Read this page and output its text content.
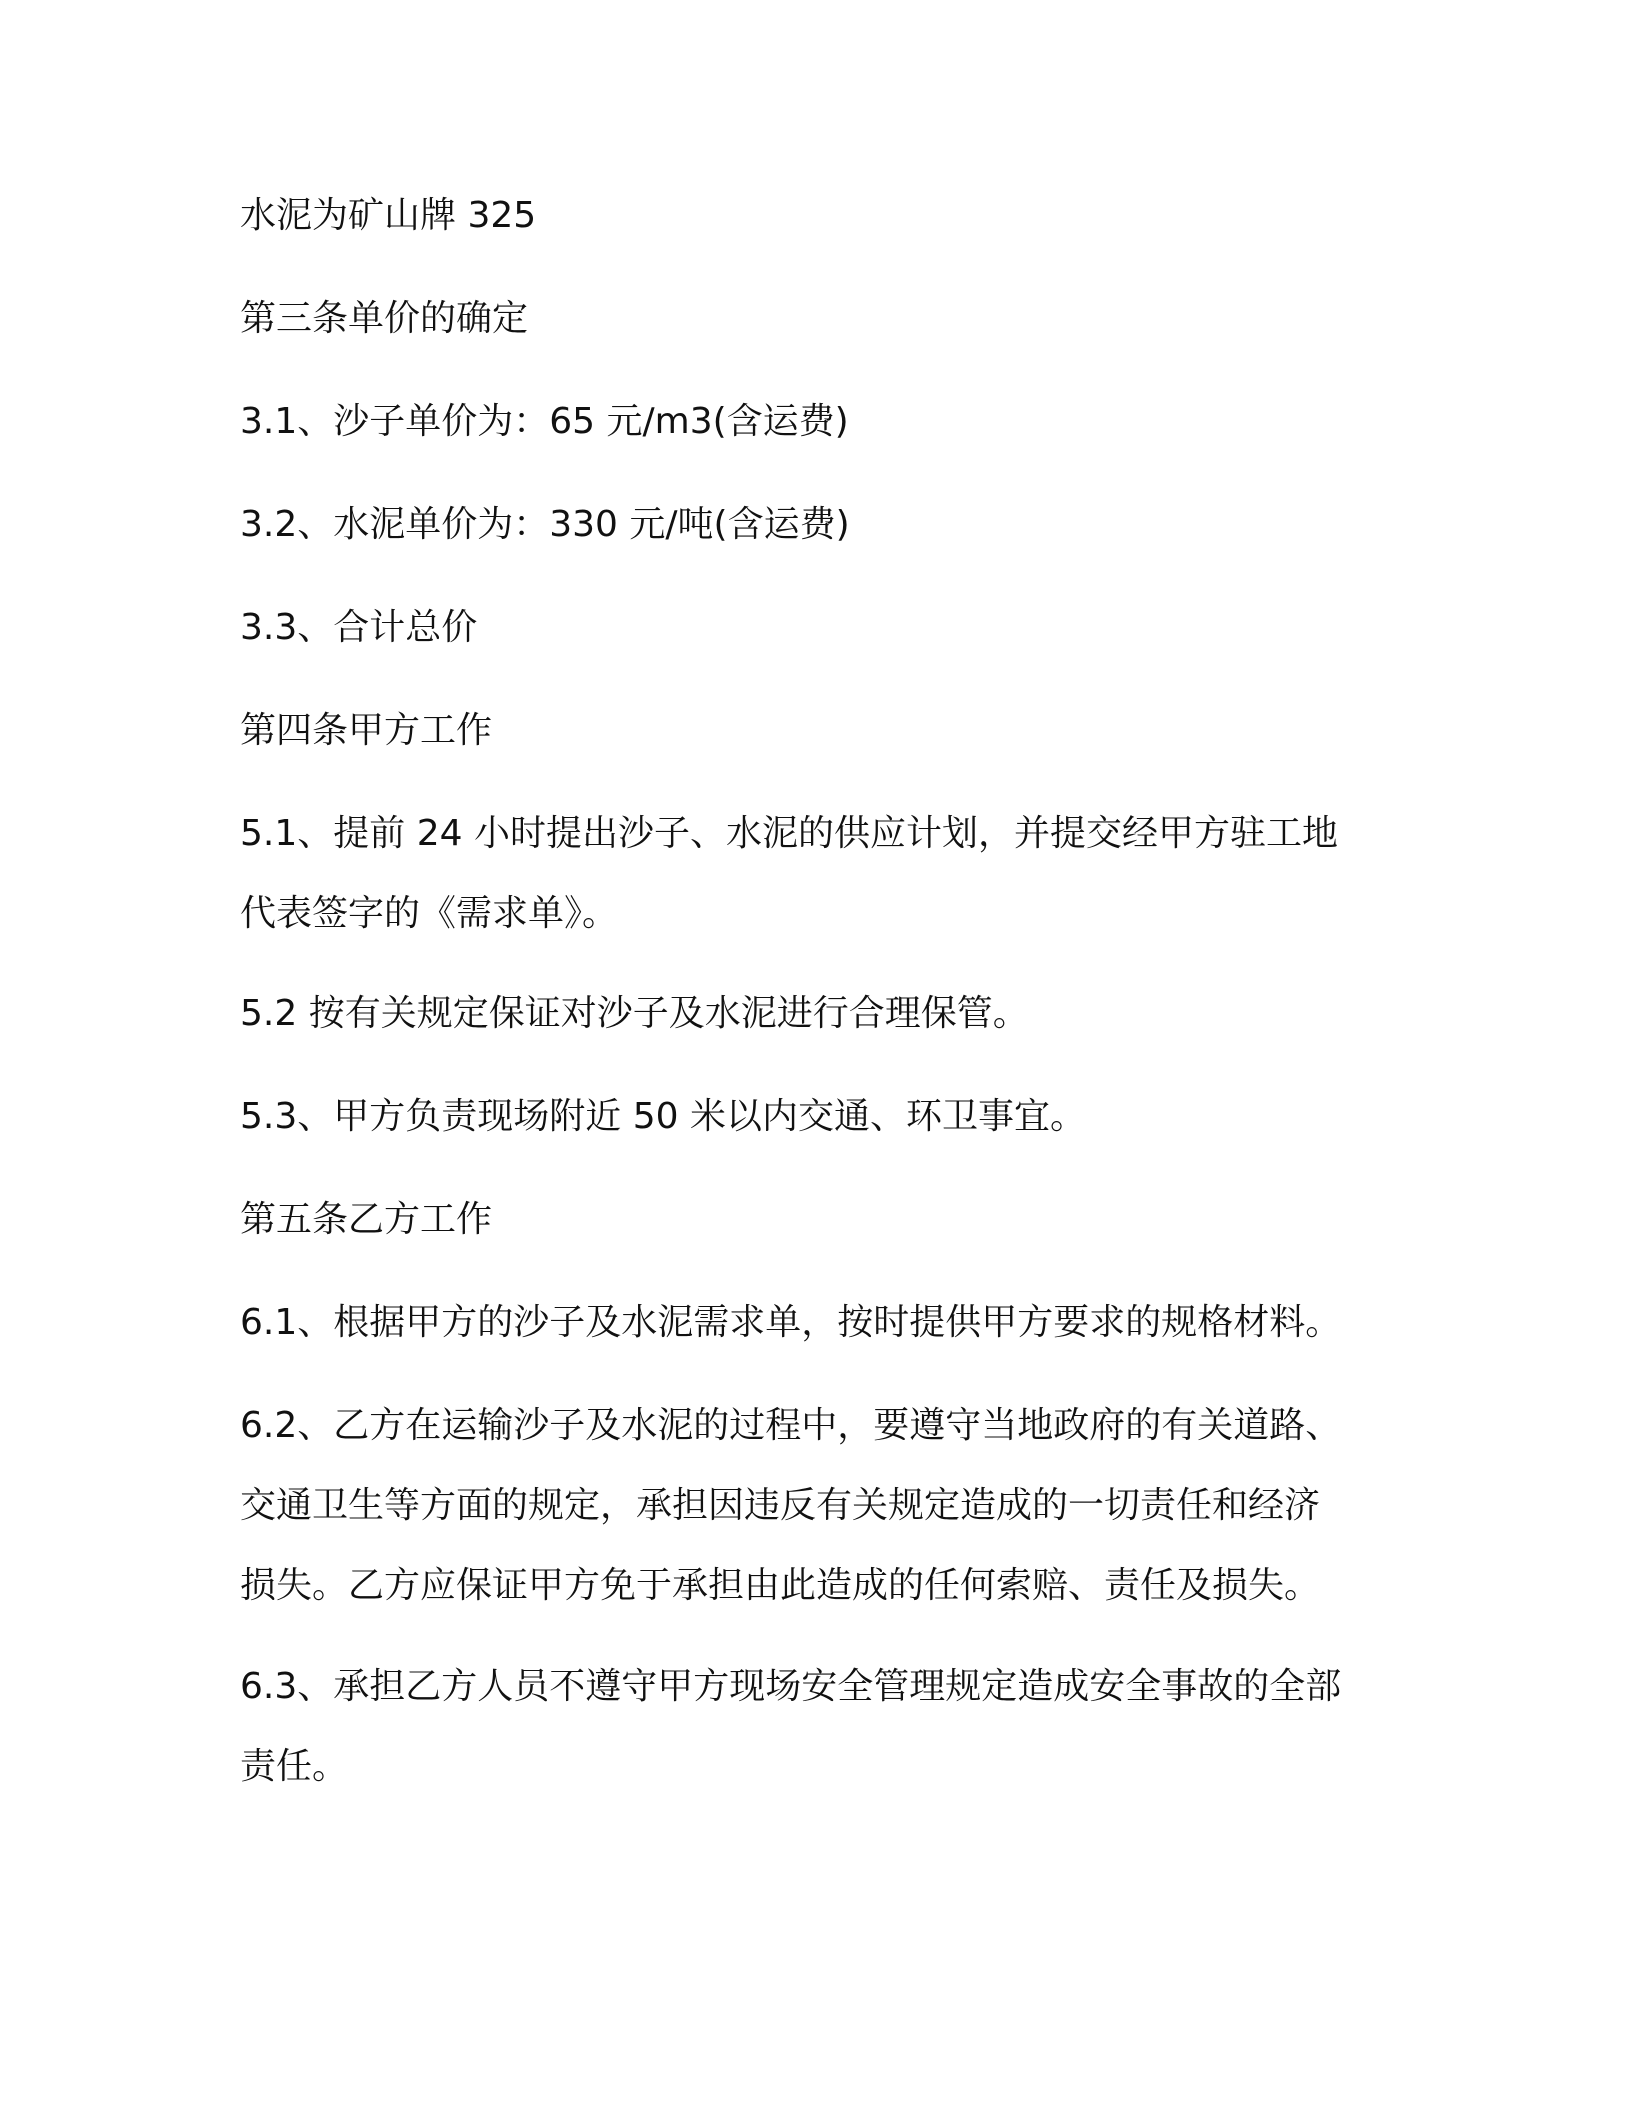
水泥为矿山牌 325

第三条单价的确定

3.1、沙子单价为：65 元/m3(含运费)

3.2、水泥单价为：330 元/吨(含运费)

3.3、合计总价

第四条甲方工作

5.1、提前 24 小时提出沙子、水泥的供应计划，并提交经甲方驻工地
代表签字的《需求单》。

5.2 按有关规定保证对沙子及水泥进行合理保管。

5.3、甲方负责现场附近 50 米以内交通、环卫事宜。

第五条乙方工作

6.1、根据甲方的沙子及水泥需求单，按时提供甲方要求的规格材料。

6.2、乙方在运输沙子及水泥的过程中，要遵守当地政府的有关道路、
交通卫生等方面的规定，承担因违反有关规定造成的一切责任和经济
损失。乙方应保证甲方免于承担由此造成的任何索赔、责任及损失。

6.3、承担乙方人员不遵守甲方现场安全管理规定造成安全事故的全部
责任。
